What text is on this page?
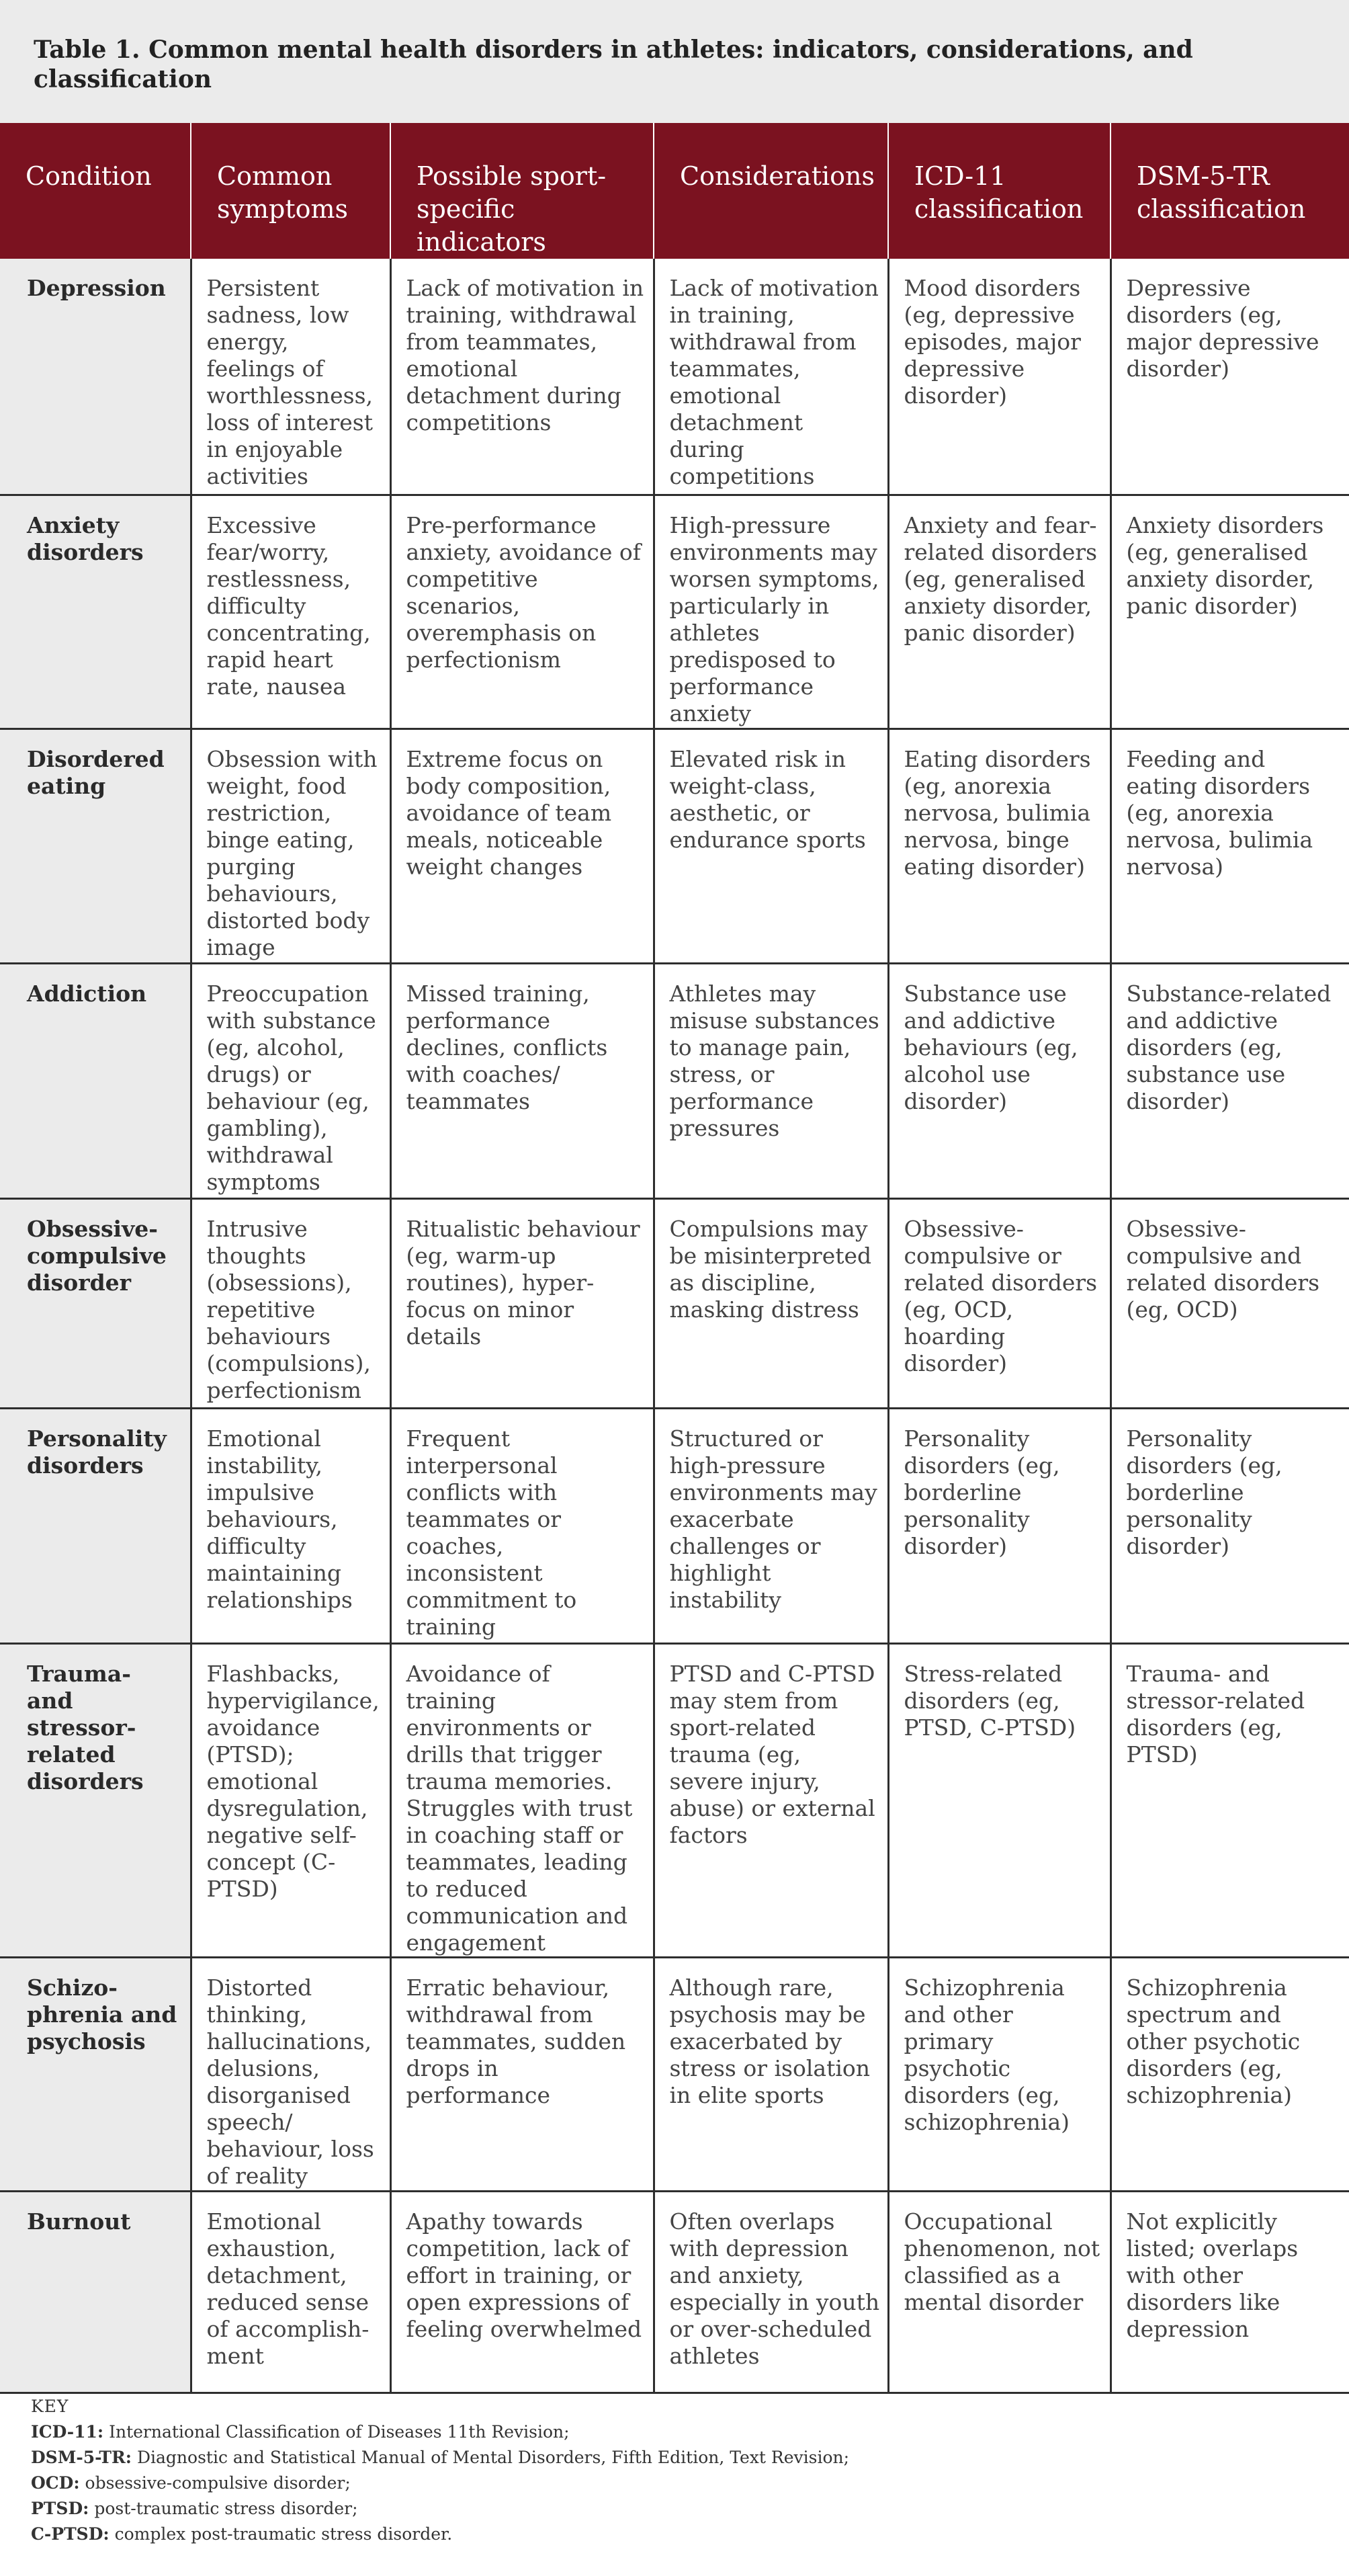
Table 1. Common mental health disorders in athletes: indicators, considerations, and classification
Condition	Common symptoms	Possible sport-specific indicators	Considerations	ICD-11 classification	DSM-5-TR classification
Depression	Persistent sadness, low energy, feelings of worthlessness, loss of interest in enjoyable activities	Lack of motivation in training, withdrawal from teammates, emotional detachment during competitions	Lack of motivation in training, withdrawal from teammates, emotional detachment during competitions	Mood disorders (eg, depressive episodes, major depressive disorder)	Depressive disorders (eg, major depressive disorder)
Anxiety disorders	Excessive fear/worry, restlessness, difficulty concentrating, rapid heart rate, nausea	Pre-performance anxiety, avoidance of competitive scenarios, overemphasis on perfectionism	High-pressure environments may worsen symptoms, particularly in athletes predisposed to performance anxiety	Anxiety and fear-related disorders (eg, generalised anxiety disorder, panic disorder)	Anxiety disorders (eg, generalised anxiety disorder, panic disorder)
Disordered eating	Obsession with weight, food restriction, binge eating, purging behaviours, distorted body image	Extreme focus on body composition, avoidance of team meals, noticeable weight changes	Elevated risk in weight-class, aesthetic, or endurance sports	Eating disorders (eg, anorexia nervosa, bulimia nervosa, binge eating disorder)	Feeding and eating disorders (eg, anorexia nervosa, bulimia nervosa)
Addiction	Preoccupation with substance (eg, alcohol, drugs) or behaviour (eg, gambling), withdrawal symptoms	Missed training, performance declines, conflicts with coaches/ teammates	Athletes may misuse substances to manage pain, stress, or performance pressures	Substance use and addictive behaviours (eg, alcohol use disorder)	Substance-related and addictive disorders (eg, substance use disorder)
Obsessive-compulsive disorder	Intrusive thoughts (obsessions), repetitive behaviours (compulsions), perfectionism	Ritualistic behaviour (eg, warm-up routines), hyper-focus on minor details	Compulsions may be misinterpreted as discipline, masking distress	Obsessive-compulsive or related disorders (eg, OCD, hoarding disorder)	Obsessive-compulsive and related disorders (eg, OCD)
Personality disorders	Emotional instability, impulsive behaviours, difficulty maintaining relationships	Frequent interpersonal conflicts with teammates or coaches, inconsistent commitment to training	Structured or high-pressure environments may exacerbate challenges or highlight instability	Personality disorders (eg, borderline personality disorder)	Personality disorders (eg, borderline personality disorder)
Trauma- and stressor-related disorders	Flashbacks, hypervigilance, avoidance (PTSD); emotional dysregulation, negative self-concept (C-PTSD)	Avoidance of training environments or drills that trigger trauma memories. Struggles with trust in coaching staff or teammates, leading to reduced communication and engagement	PTSD and C-PTSD may stem from sport-related trauma (eg, severe injury, abuse) or external factors	Stress-related disorders (eg, PTSD, C-PTSD)	Trauma- and stressor-related disorders (eg, PTSD)
Schizo-phrenia and psychosis	Distorted thinking, hallucinations, delusions, disorganised speech/ behaviour, loss of reality	Erratic behaviour, withdrawal from teammates, sudden drops in performance	Although rare, psychosis may be exacerbated by stress or isolation in elite sports	Schizophrenia and other primary psychotic disorders (eg, schizophrenia)	Schizophrenia spectrum and other psychotic disorders (eg, schizophrenia)
Burnout	Emotional exhaustion, detachment, reduced sense of accomplish-ment	Apathy towards competition, lack of effort in training, or open expressions of feeling overwhelmed	Often overlaps with depression and anxiety, especially in youth or over-scheduled athletes	Occupational phenomenon, not classified as a mental disorder	Not explicitly listed; overlaps with other disorders like depression
KEY
ICD-11: International Classification of Diseases 11th Revision;
DSM-5-TR: Diagnostic and Statistical Manual of Mental Disorders, Fifth Edition, Text Revision;
OCD: obsessive-compulsive disorder;
PTSD: post-traumatic stress disorder;
C-PTSD: complex post-traumatic stress disorder.
